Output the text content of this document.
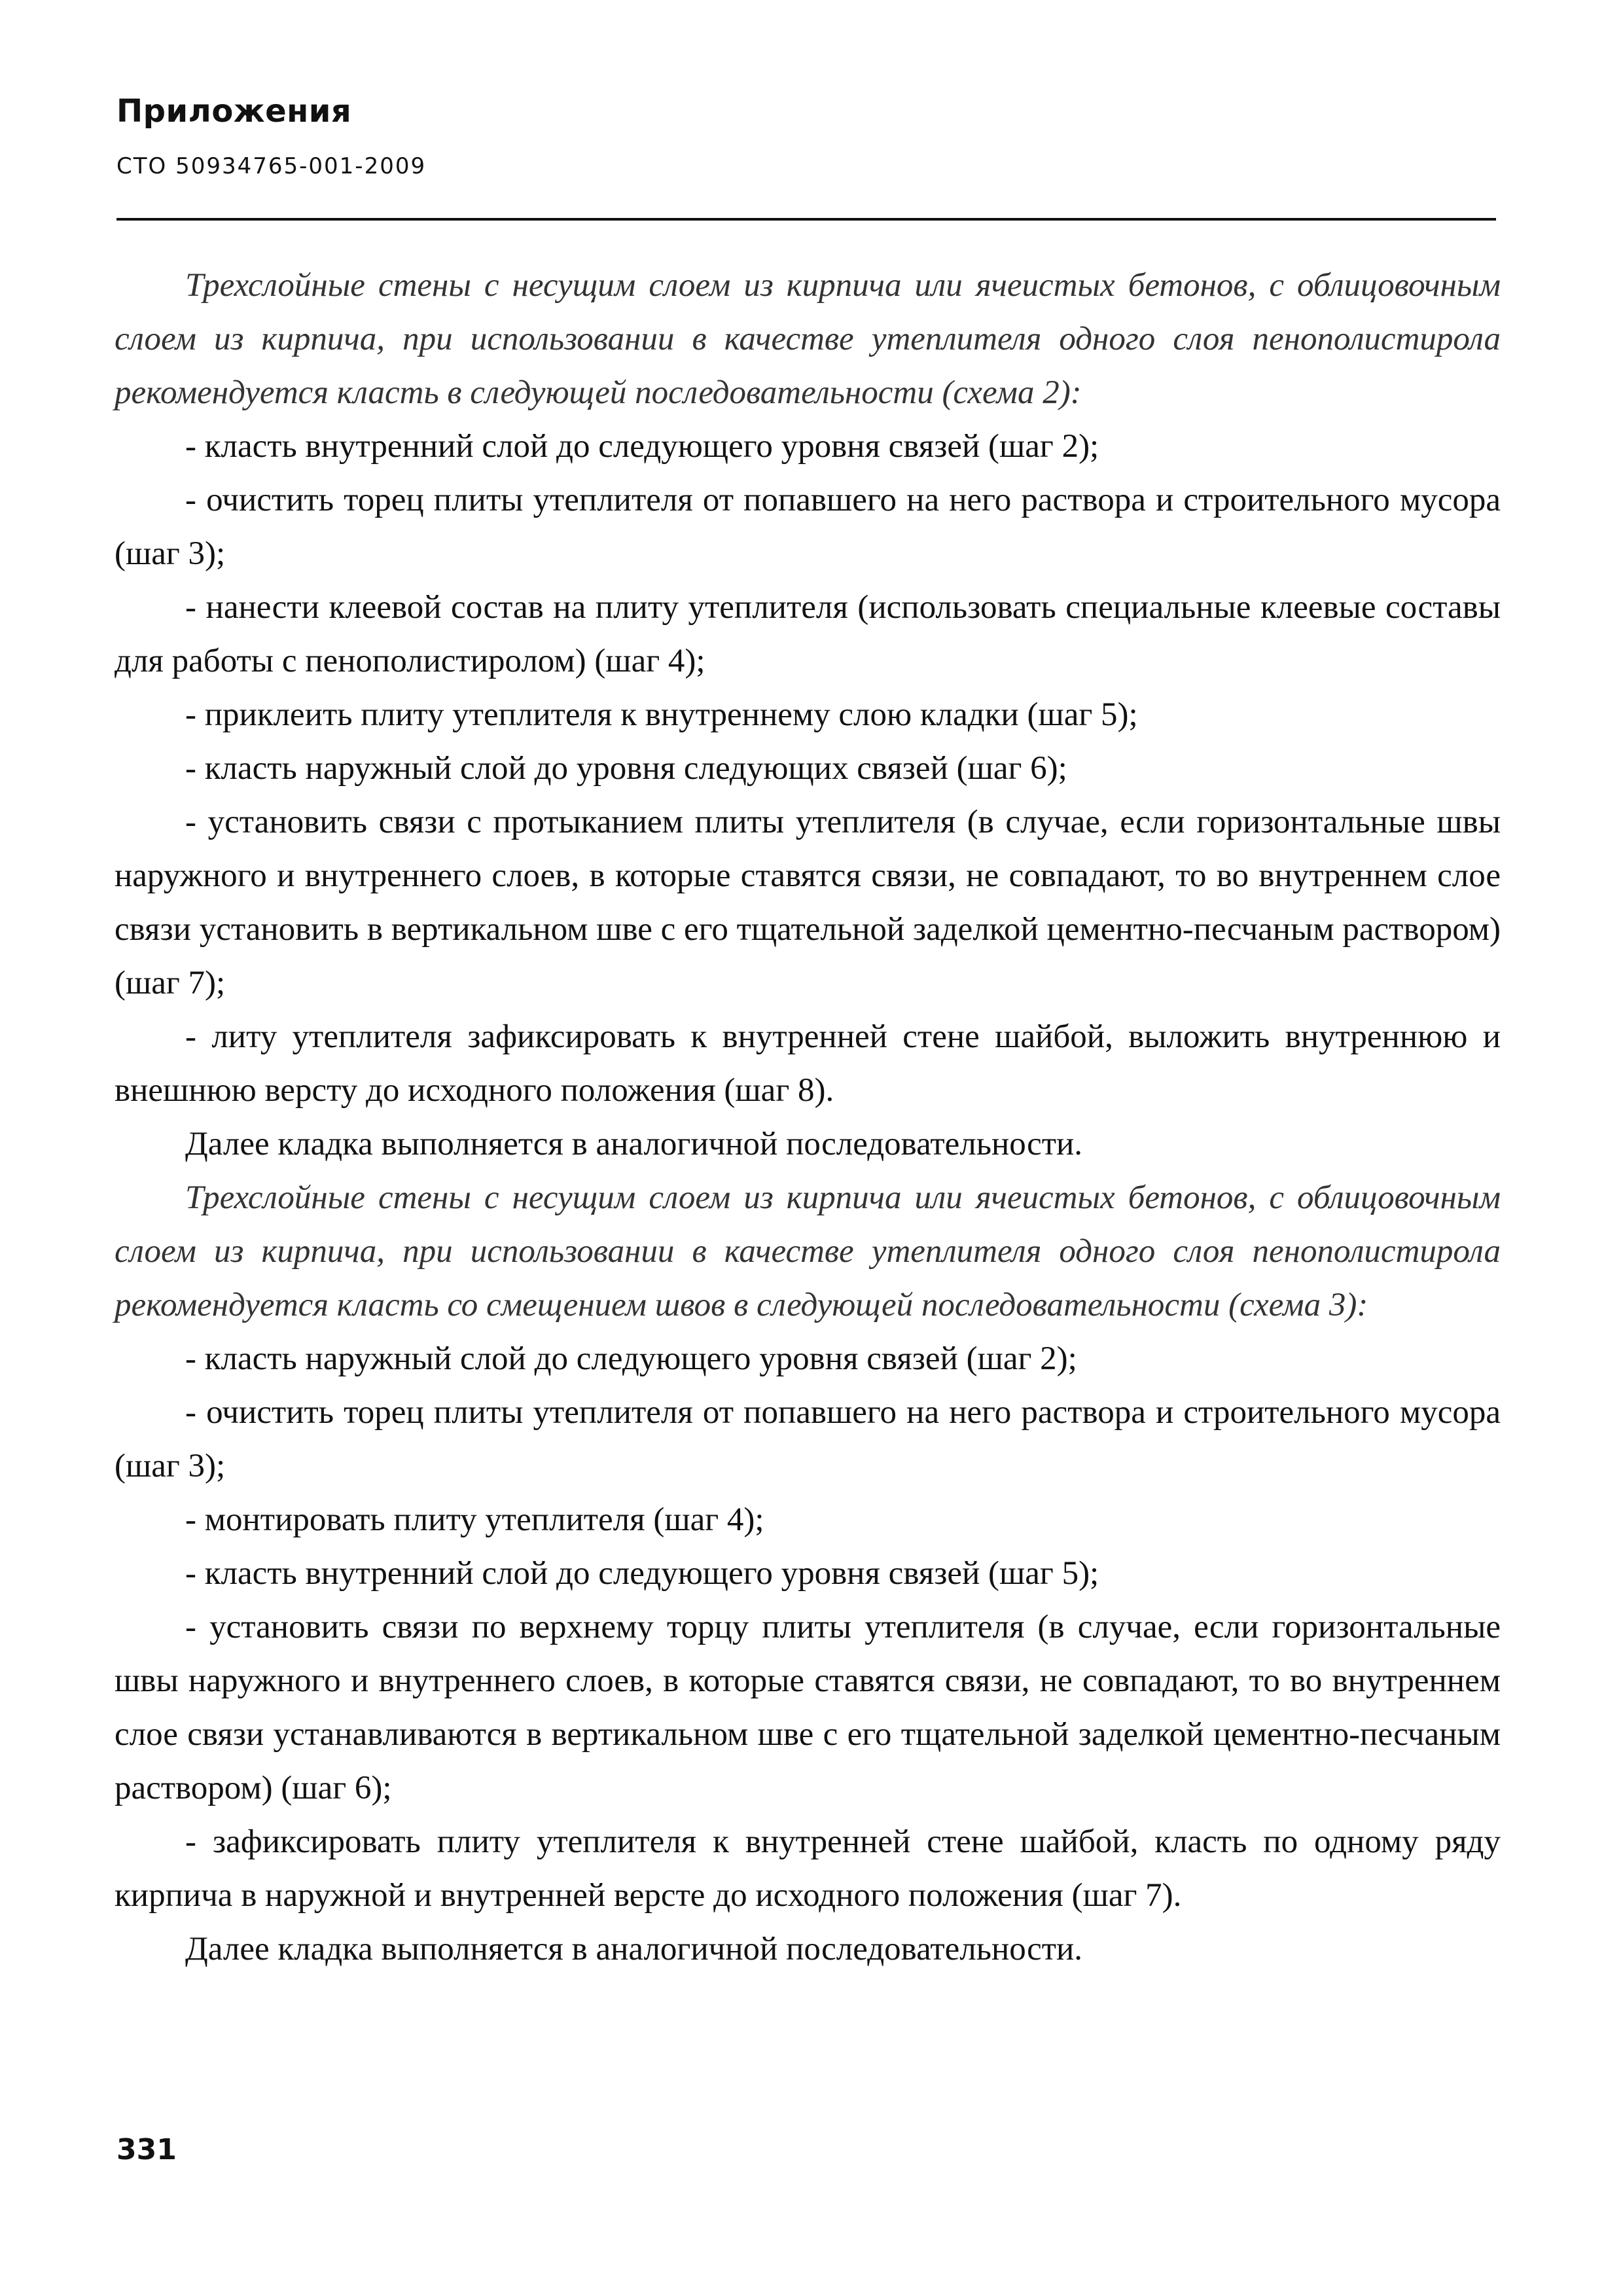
Приложения
СТО 50934765-001-2009

Трехслойные стены с несущим слоем из кирпича или ячеистых бетонов, с облицовочным слоем из кирпича, при использовании в качестве утеплителя одного слоя пенополистирола рекомендуется класть в следующей последовательности (схема 2):

- класть внутренний слой до следующего уровня связей (шаг 2);

- очистить торец плиты утеплителя от попавшего на него раствора и строительного мусора (шаг 3);

- нанести клеевой состав на плиту утеплителя (использовать специальные клеевые составы для работы с пенополистиролом) (шаг 4);

- приклеить плиту утеплителя к внутреннему слою кладки (шаг 5);

- класть наружный слой до уровня следующих связей (шаг 6);

- установить связи с протыканием плиты утеплителя (в случае, если горизонтальные швы наружного и внутреннего слоев, в которые ставятся связи, не совпадают, то во внутреннем слое связи установить в вертикальном шве с его тщательной заделкой цементно-песчаным раствором) (шаг 7);

- литу утеплителя зафиксировать к внутренней стене шайбой, выложить внутреннюю и внешнюю версту до исходного положения (шаг 8).

Далее кладка выполняется в аналогичной последовательности.

Трехслойные стены с несущим слоем из кирпича или ячеистых бетонов, с облицовочным слоем из кирпича, при использовании в качестве утеплителя одного слоя пенополистирола рекомендуется класть со смещением швов в следующей последовательности (схема 3):

- класть наружный слой до следующего уровня связей (шаг 2);

- очистить торец плиты утеплителя от попавшего на него раствора и строительного мусора (шаг 3);

- монтировать плиту утеплителя (шаг 4);

- класть внутренний слой до следующего уровня связей (шаг 5);

- установить связи по верхнему торцу плиты утеплителя (в случае, если горизонтальные швы наружного и внутреннего слоев, в которые ставятся связи, не совпадают, то во внутреннем слое связи устанавливаются в вертикальном шве с его тщательной заделкой цементно-песчаным раствором) (шаг 6);

- зафиксировать плиту утеплителя к внутренней стене шайбой, класть по одному ряду кирпича в наружной и внутренней версте до исходного положения (шаг 7).

Далее кладка выполняется в аналогичной последовательности.

331
